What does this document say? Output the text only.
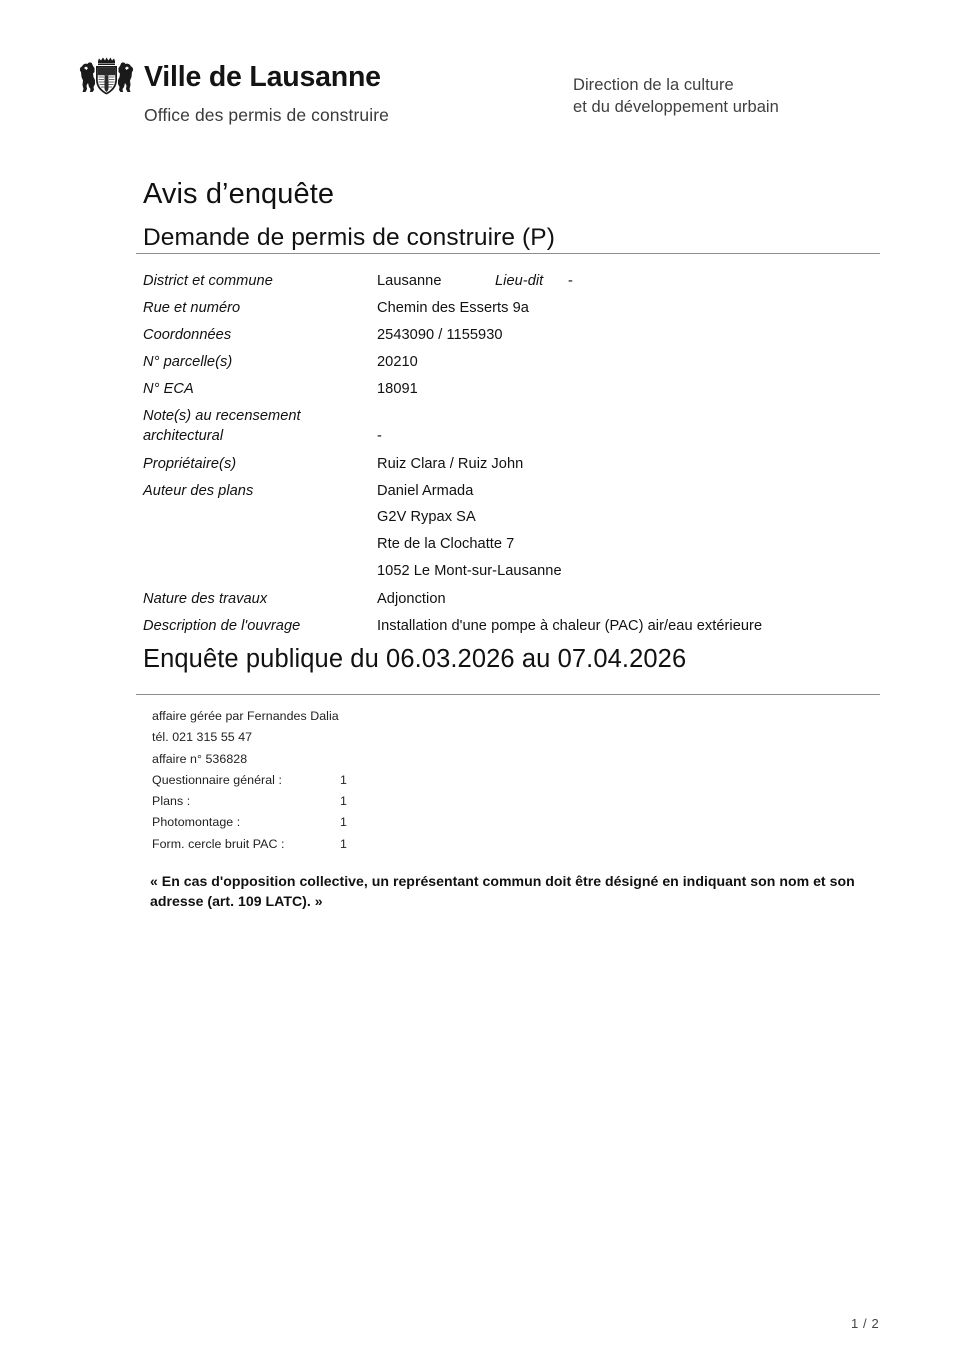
Ville de Lausanne
Office des permis de construire
Direction de la culture
et du développement urbain
Avis d’enquête
Demande de permis de construire (P)
District et commune	Lausanne	Lieu-dit	-
Rue et numéro	Chemin des Esserts 9a
Coordonnées	2543090 / 1155930
N° parcelle(s)	20210
N° ECA	18091
Note(s) au recensement
architectural	-
Propriétaire(s)	Ruiz Clara / Ruiz John
Auteur des plans	Daniel Armada
G2V Rypax SA
Rte de la Clochatte 7
1052 Le Mont-sur-Lausanne
Nature des travaux	Adjonction
Description de l'ouvrage	Installation d'une pompe à chaleur (PAC) air/eau extérieure
Enquête publique du 06.03.2026 au 07.04.2026
affaire gérée par Fernandes Dalia
tél. 021 315 55 47
affaire n° 536828
Questionnaire général :	1
Plans :	1
Photomontage :	1
Form. cercle bruit PAC :	1
« En cas d'opposition collective, un représentant commun doit être désigné en indiquant son nom et son adresse (art. 109 LATC). »
1 / 2
